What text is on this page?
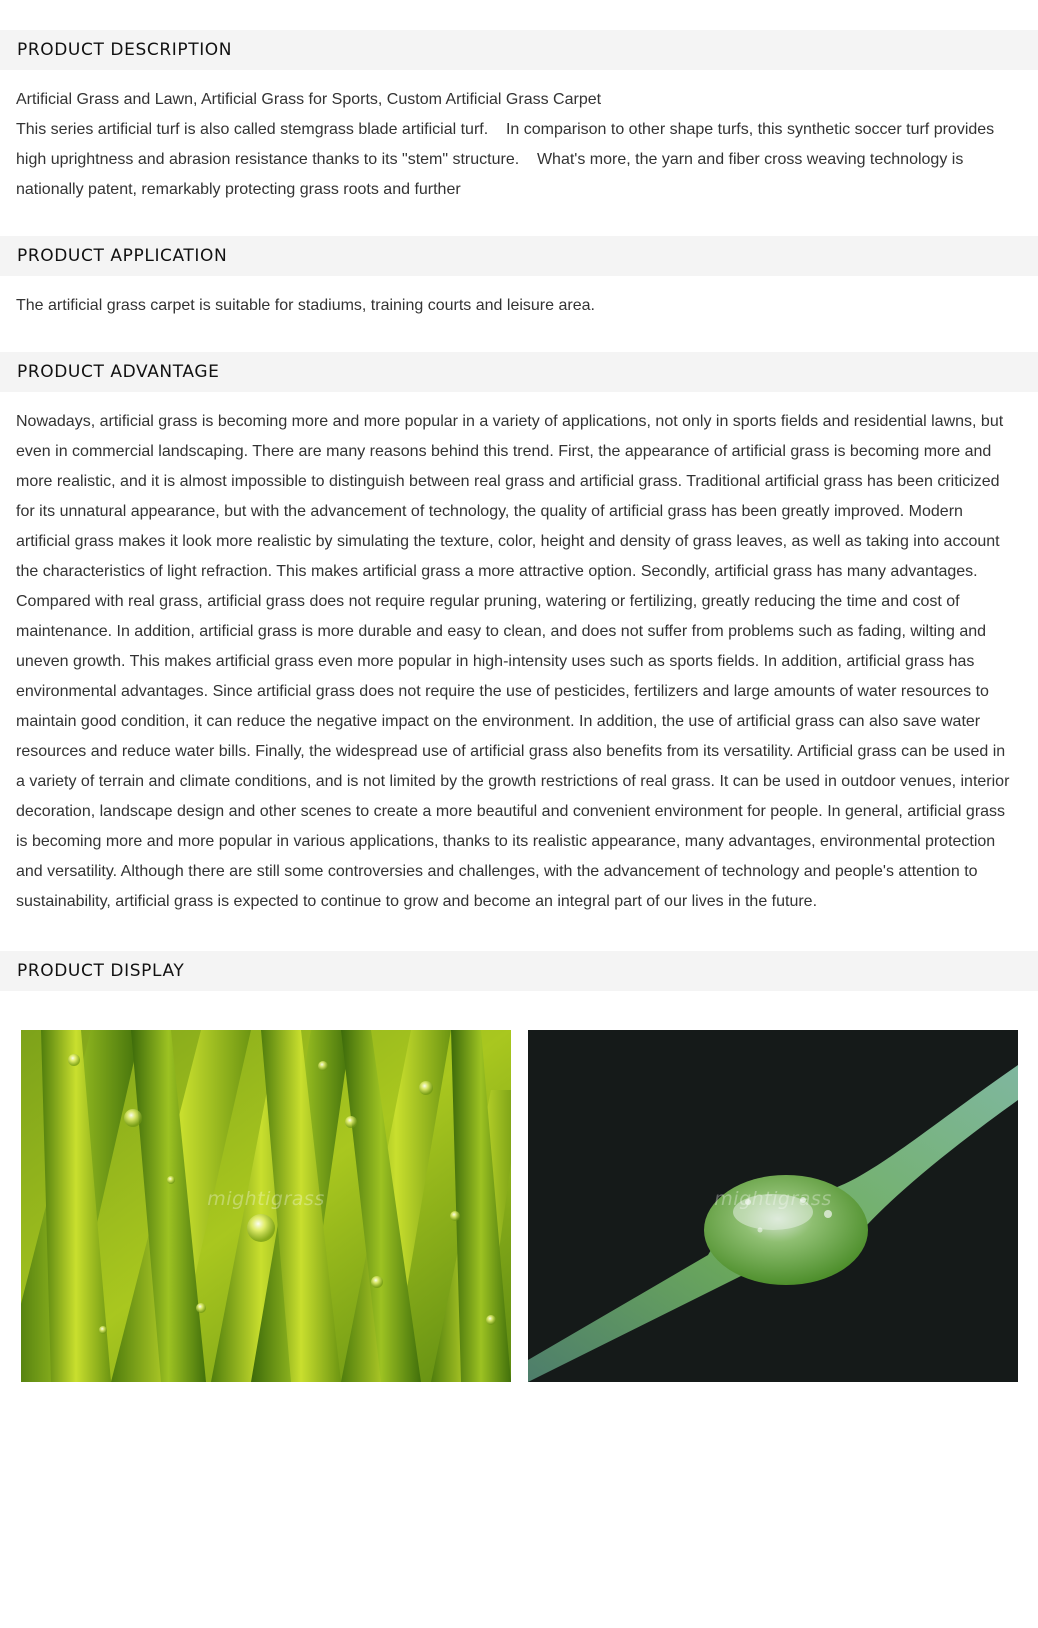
PRODUCT DESCRIPTION

Artificial Grass and Lawn, Artificial Grass for Sports, Custom Artificial Grass Carpet

This series artificial turf is also called stemgrass blade artificial turf.    In comparison to other shape turfs, this synthetic soccer turf provides high uprightness and abrasion resistance thanks to its "stem" structure.    What's more, the yarn and fiber cross weaving technology is nationally patent, remarkably protecting grass roots and further

PRODUCT APPLICATION

The artificial grass carpet is suitable for stadiums, training courts and leisure area.

PRODUCT ADVANTAGE

Nowadays, artificial grass is becoming more and more popular in a variety of applications, not only in sports fields and residential lawns, but even in commercial landscaping. There are many reasons behind this trend. First, the appearance of artificial grass is becoming more and more realistic, and it is almost impossible to distinguish between real grass and artificial grass. Traditional artificial grass has been criticized for its unnatural appearance, but with the advancement of technology, the quality of artificial grass has been greatly improved. Modern artificial grass makes it look more realistic by simulating the texture, color, height and density of grass leaves, as well as taking into account the characteristics of light refraction. This makes artificial grass a more attractive option. Secondly, artificial grass has many advantages. Compared with real grass, artificial grass does not require regular pruning, watering or fertilizing, greatly reducing the time and cost of maintenance. In addition, artificial grass is more durable and easy to clean, and does not suffer from problems such as fading, wilting and uneven growth. This makes artificial grass even more popular in high-intensity uses such as sports fields. In addition, artificial grass has environmental advantages. Since artificial grass does not require the use of pesticides, fertilizers and large amounts of water resources to maintain good condition, it can reduce the negative impact on the environment. In addition, the use of artificial grass can also save water resources and reduce water bills. Finally, the widespread use of artificial grass also benefits from its versatility. Artificial grass can be used in a variety of terrain and climate conditions, and is not limited by the growth restrictions of real grass. It can be used in outdoor venues, interior decoration, landscape design and other scenes to create a more beautiful and convenient environment for people. In general, artificial grass is becoming more and more popular in various applications, thanks to its realistic appearance, many advantages, environmental protection and versatility. Although there are still some controversies and challenges, with the advancement of technology and people's attention to sustainability, artificial grass is expected to continue to grow and become an integral part of our lives in the future.

PRODUCT DISPLAY
mightigrass	mightigrass
